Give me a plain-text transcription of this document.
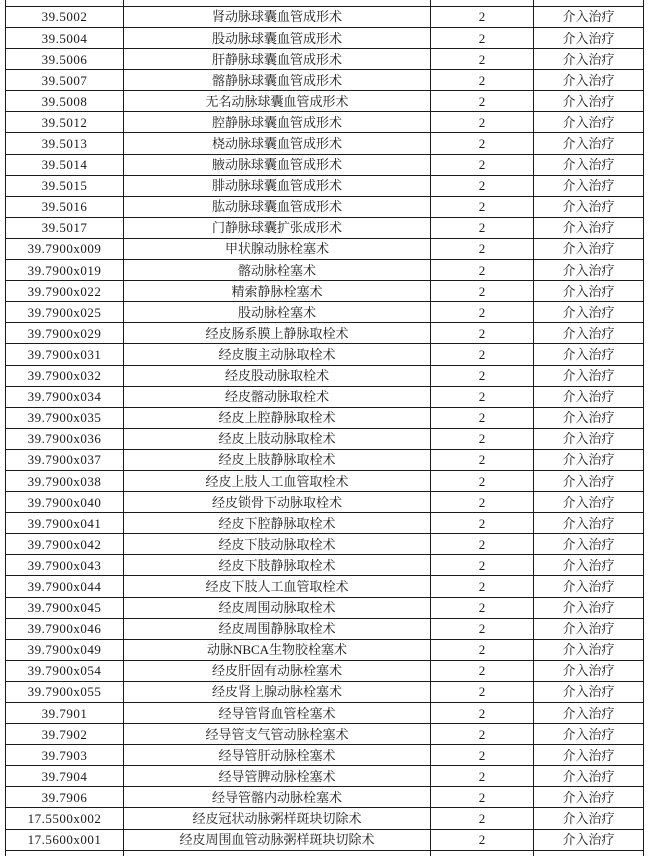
39.5002	肾动脉球囊血管成形术	2	介入治疗
39.5004	股动脉球囊血管成形术	2	介入治疗
39.5006	肝静脉球囊血管成形术	2	介入治疗
39.5007	髂静脉球囊血管成形术	2	介入治疗
39.5008	无名动脉球囊血管成形术	2	介入治疗
39.5012	腔静脉球囊血管成形术	2	介入治疗
39.5013	桡动脉球囊血管成形术	2	介入治疗
39.5014	腋动脉球囊血管成形术	2	介入治疗
39.5015	腓动脉球囊血管成形术	2	介入治疗
39.5016	肱动脉球囊血管成形术	2	介入治疗
39.5017	门静脉球囊扩张成形术	2	介入治疗
39.7900x009	甲状腺动脉栓塞术	2	介入治疗
39.7900x019	髂动脉栓塞术	2	介入治疗
39.7900x022	精索静脉栓塞术	2	介入治疗
39.7900x025	股动脉栓塞术	2	介入治疗
39.7900x029	经皮肠系膜上静脉取栓术	2	介入治疗
39.7900x031	经皮腹主动脉取栓术	2	介入治疗
39.7900x032	经皮股动脉取栓术	2	介入治疗
39.7900x034	经皮髂动脉取栓术	2	介入治疗
39.7900x035	经皮上腔静脉取栓术	2	介入治疗
39.7900x036	经皮上肢动脉取栓术	2	介入治疗
39.7900x037	经皮上肢静脉取栓术	2	介入治疗
39.7900x038	经皮上肢人工血管取栓术	2	介入治疗
39.7900x040	经皮锁骨下动脉取栓术	2	介入治疗
39.7900x041	经皮下腔静脉取栓术	2	介入治疗
39.7900x042	经皮下肢动脉取栓术	2	介入治疗
39.7900x043	经皮下肢静脉取栓术	2	介入治疗
39.7900x044	经皮下肢人工血管取栓术	2	介入治疗
39.7900x045	经皮周围动脉取栓术	2	介入治疗
39.7900x046	经皮周围静脉取栓术	2	介入治疗
39.7900x049	动脉NBCA生物胶栓塞术	2	介入治疗
39.7900x054	经皮肝固有动脉栓塞术	2	介入治疗
39.7900x055	经皮肾上腺动脉栓塞术	2	介入治疗
39.7901	经导管肾血管栓塞术	2	介入治疗
39.7902	经导管支气管动脉栓塞术	2	介入治疗
39.7903	经导管肝动脉栓塞术	2	介入治疗
39.7904	经导管脾动脉栓塞术	2	介入治疗
39.7906	经导管髂内动脉栓塞术	2	介入治疗
17.5500x002	经皮冠状动脉粥样斑块切除术	2	介入治疗
17.5600x001	经皮周围血管动脉粥样斑块切除术	2	介入治疗
